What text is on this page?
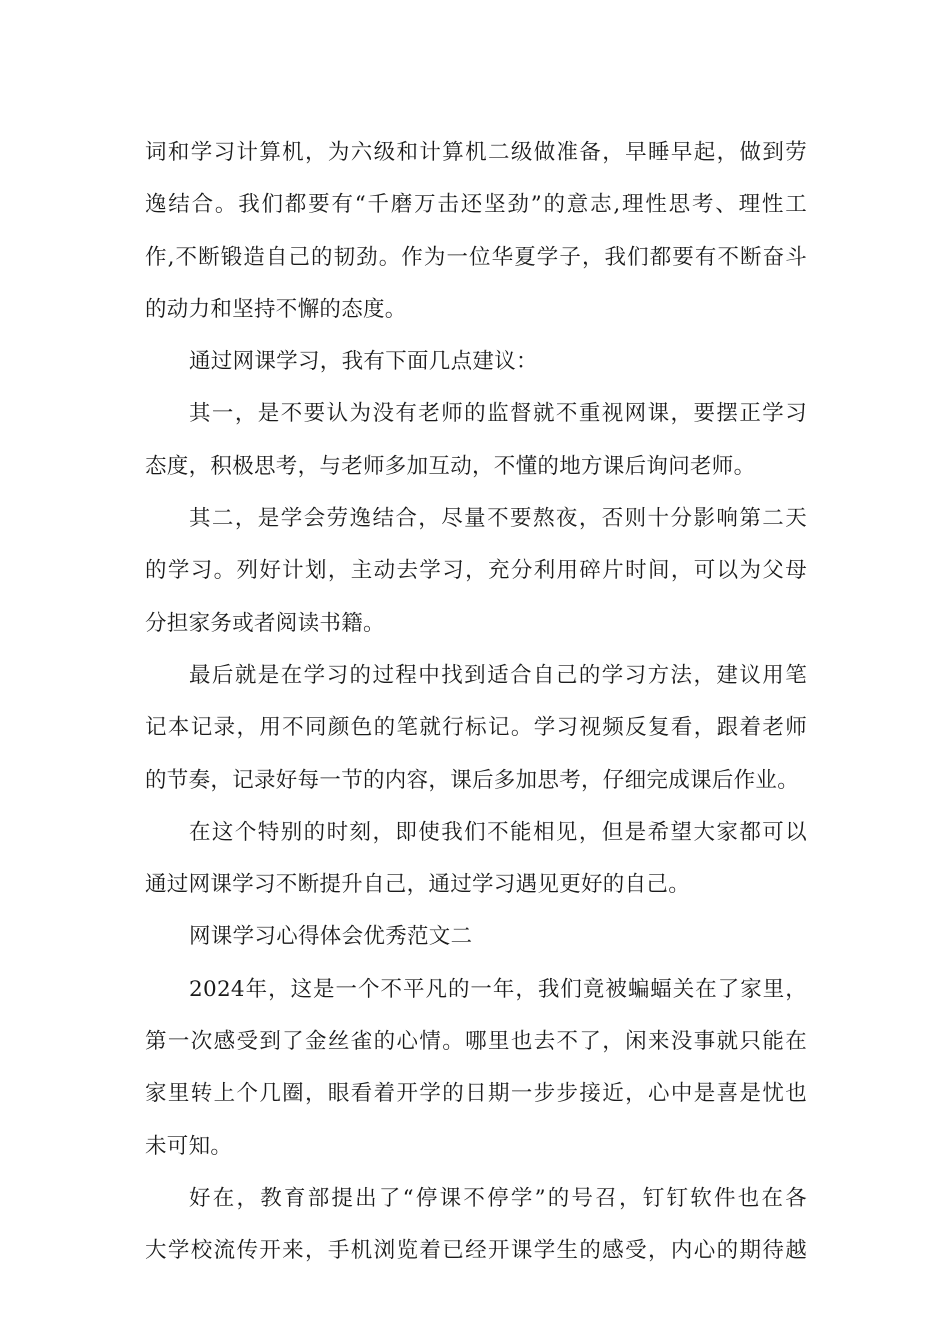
词和学习计算机，为六级和计算机二级做准备，早睡早起，做到劳
逸结合。我们都要有“千磨万击还坚劲”的意志,理性思考、理性工
作,不断锻造自己的韧劲。作为一位华夏学子，我们都要有不断奋斗
的动力和坚持不懈的态度。
通过网课学习，我有下面几点建议：
其一，是不要认为没有老师的监督就不重视网课，要摆正学习
态度，积极思考，与老师多加互动，不懂的地方课后询问老师。
其二，是学会劳逸结合，尽量不要熬夜，否则十分影响第二天
的学习。列好计划，主动去学习，充分利用碎片时间，可以为父母
分担家务或者阅读书籍。
最后就是在学习的过程中找到适合自己的学习方法，建议用笔
记本记录，用不同颜色的笔就行标记。学习视频反复看，跟着老师
的节奏，记录好每一节的内容，课后多加思考，仔细完成课后作业。
在这个特别的时刻，即使我们不能相见，但是希望大家都可以
通过网课学习不断提升自己，通过学习遇见更好的自己。
网课学习心得体会优秀范文二
2024年，这是一个不平凡的一年，我们竟被蝙蝠关在了家里，
第一次感受到了金丝雀的心情。哪里也去不了，闲来没事就只能在
家里转上个几圈，眼看着开学的日期一步步接近，心中是喜是忧也
未可知。
好在，教育部提出了“停课不停学”的号召，钉钉软件也在各
大学校流传开来，手机浏览着已经开课学生的感受，内心的期待越
